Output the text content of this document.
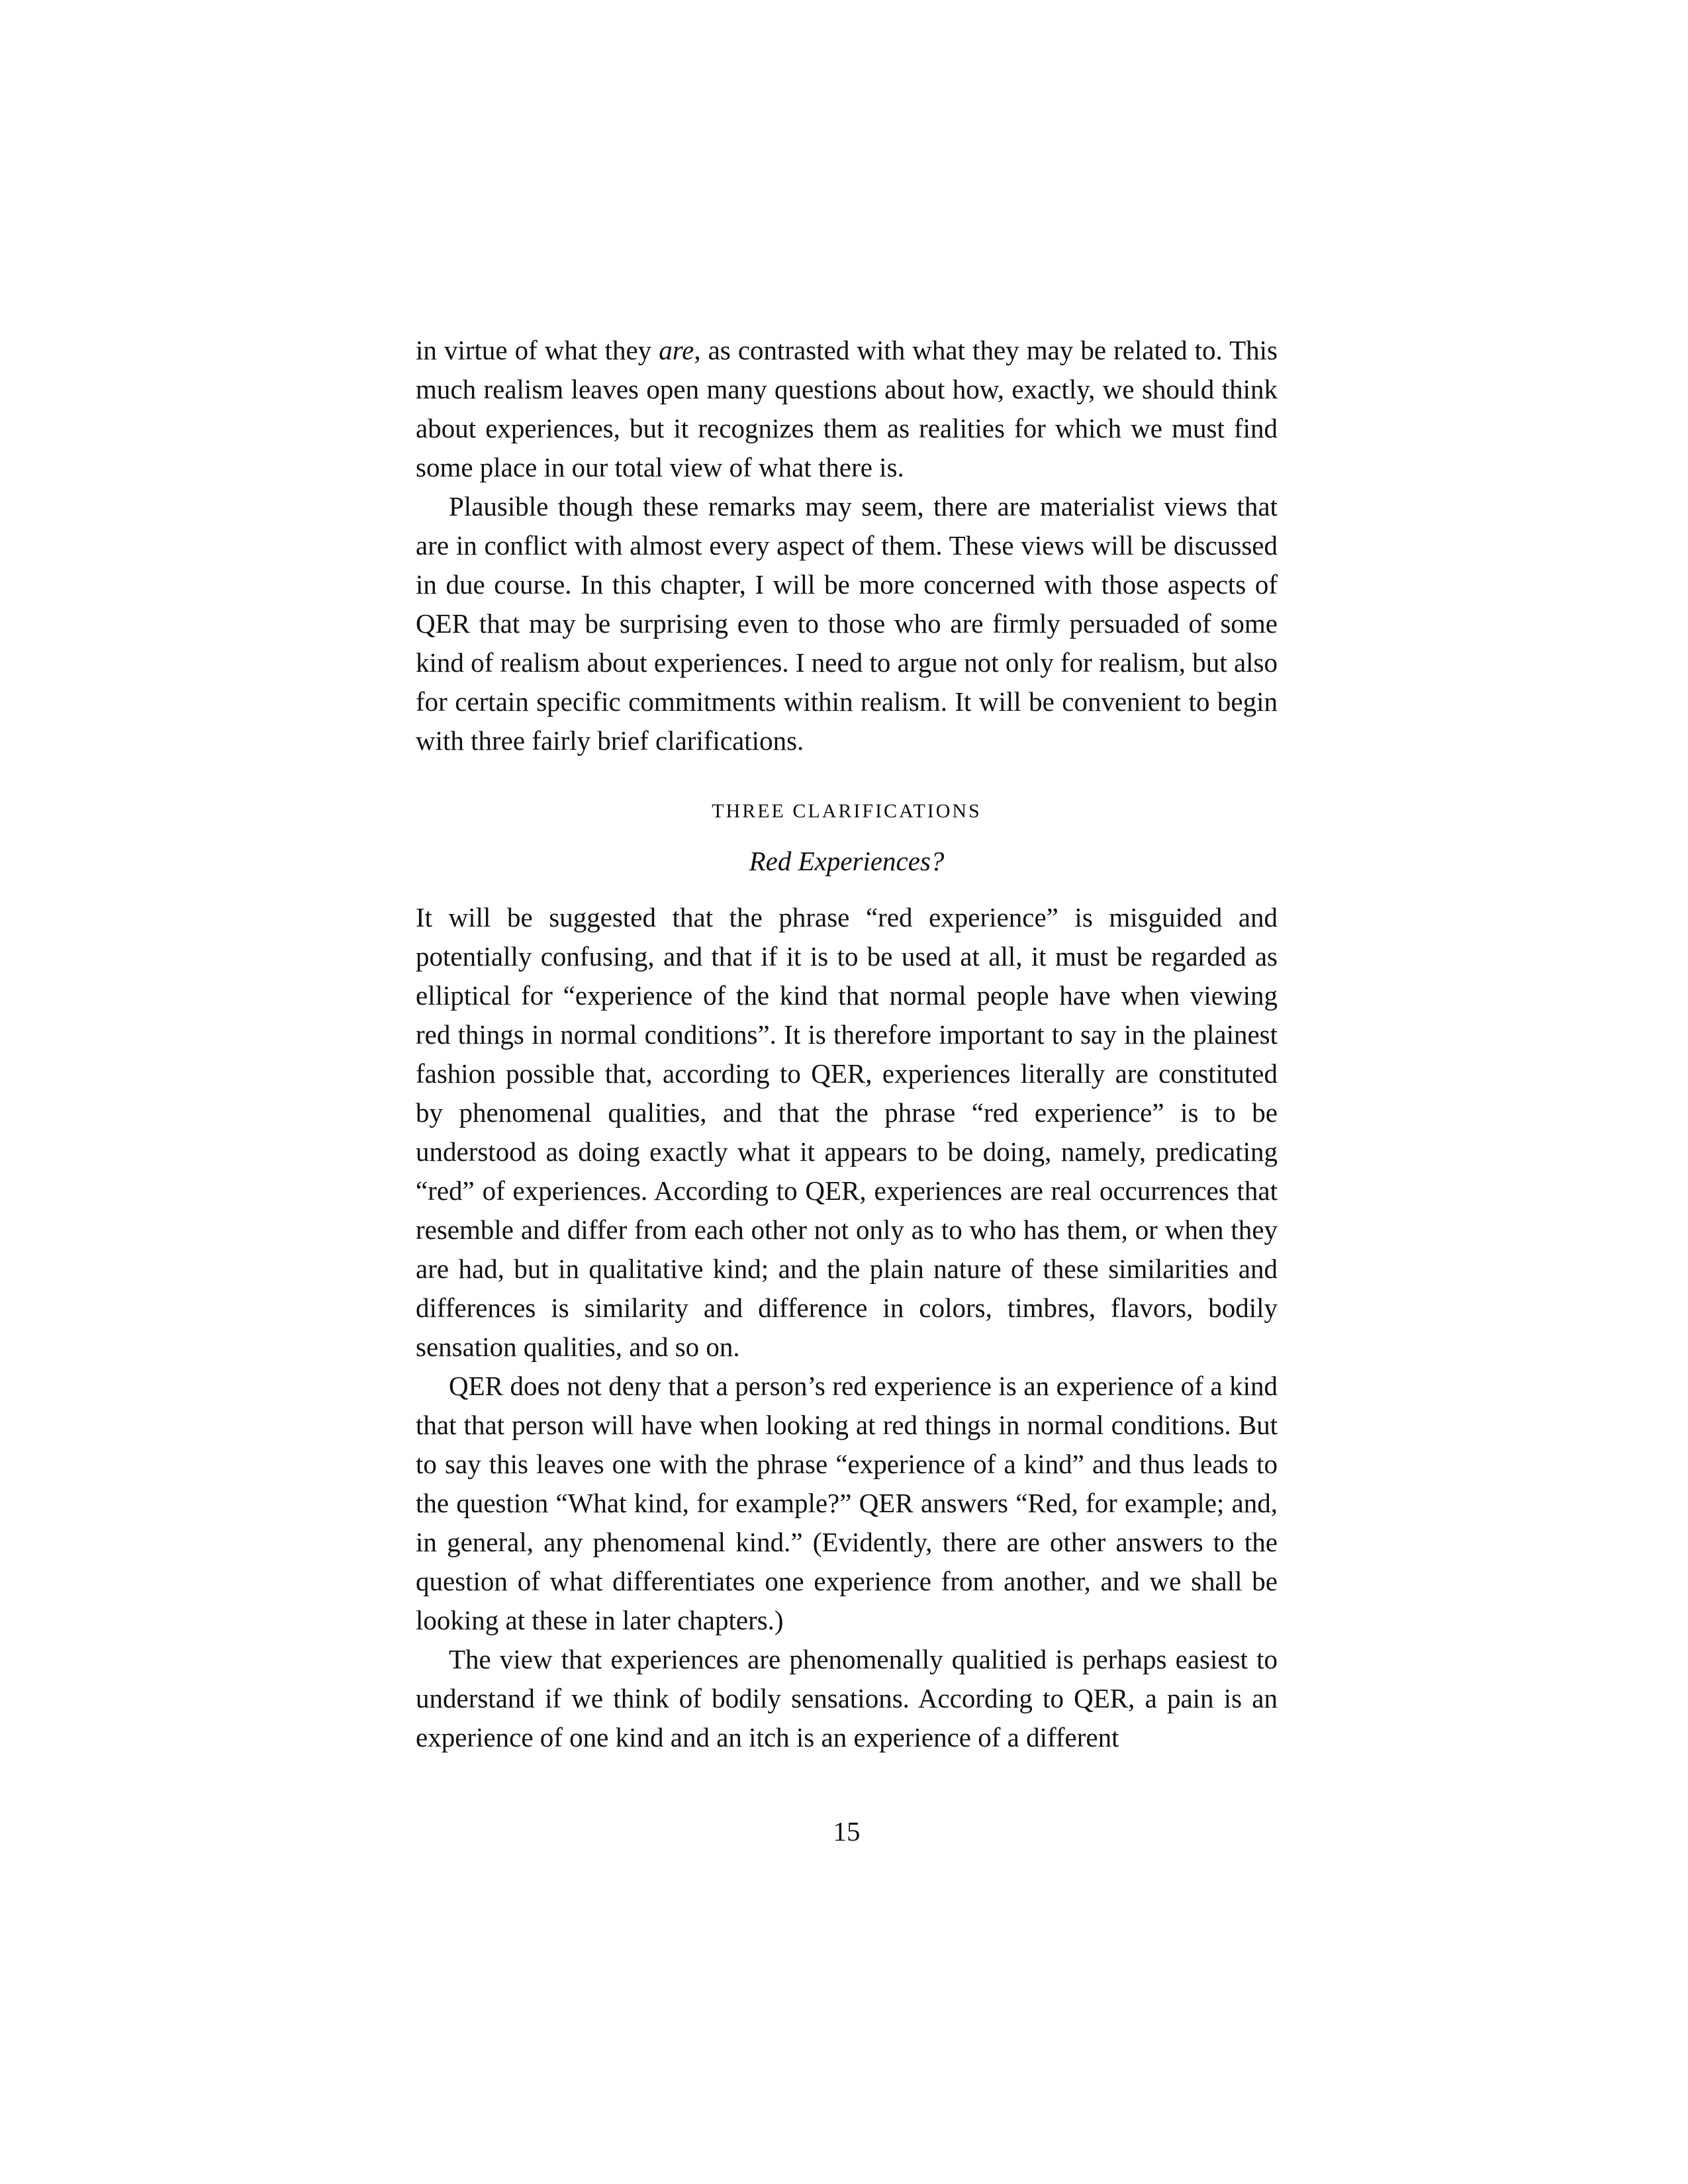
in virtue of what they are, as contrasted with what they may be related to. This much realism leaves open many questions about how, exactly, we should think about experiences, but it recognizes them as realities for which we must find some place in our total view of what there is.

Plausible though these remarks may seem, there are materialist views that are in conflict with almost every aspect of them. These views will be discussed in due course. In this chapter, I will be more concerned with those aspects of QER that may be surprising even to those who are firmly persuaded of some kind of realism about experiences. I need to argue not only for realism, but also for certain specific commitments within realism. It will be convenient to begin with three fairly brief clarifications.

THREE CLARIFICATIONS
Red Experiences?

It will be suggested that the phrase “red experience” is misguided and potentially confusing, and that if it is to be used at all, it must be regarded as elliptical for “experience of the kind that normal people have when viewing red things in normal conditions”. It is therefore important to say in the plainest fashion possible that, according to QER, experiences literally are constituted by phenomenal qualities, and that the phrase “red experience” is to be understood as doing exactly what it appears to be doing, namely, predicating “red” of experiences. According to QER, experiences are real occurrences that resemble and differ from each other not only as to who has them, or when they are had, but in qualitative kind; and the plain nature of these similarities and differences is similarity and difference in colors, timbres, flavors, bodily sensation qualities, and so on.

QER does not deny that a person’s red experience is an experience of a kind that that person will have when looking at red things in normal conditions. But to say this leaves one with the phrase “experience of a kind” and thus leads to the question “What kind, for example?” QER answers “Red, for example; and, in general, any phenomenal kind.” (Evidently, there are other answers to the question of what differentiates one experience from another, and we shall be looking at these in later chapters.)

The view that experiences are phenomenally qualitied is perhaps easiest to understand if we think of bodily sensations. According to QER, a pain is an experience of one kind and an itch is an experience of a different

15
